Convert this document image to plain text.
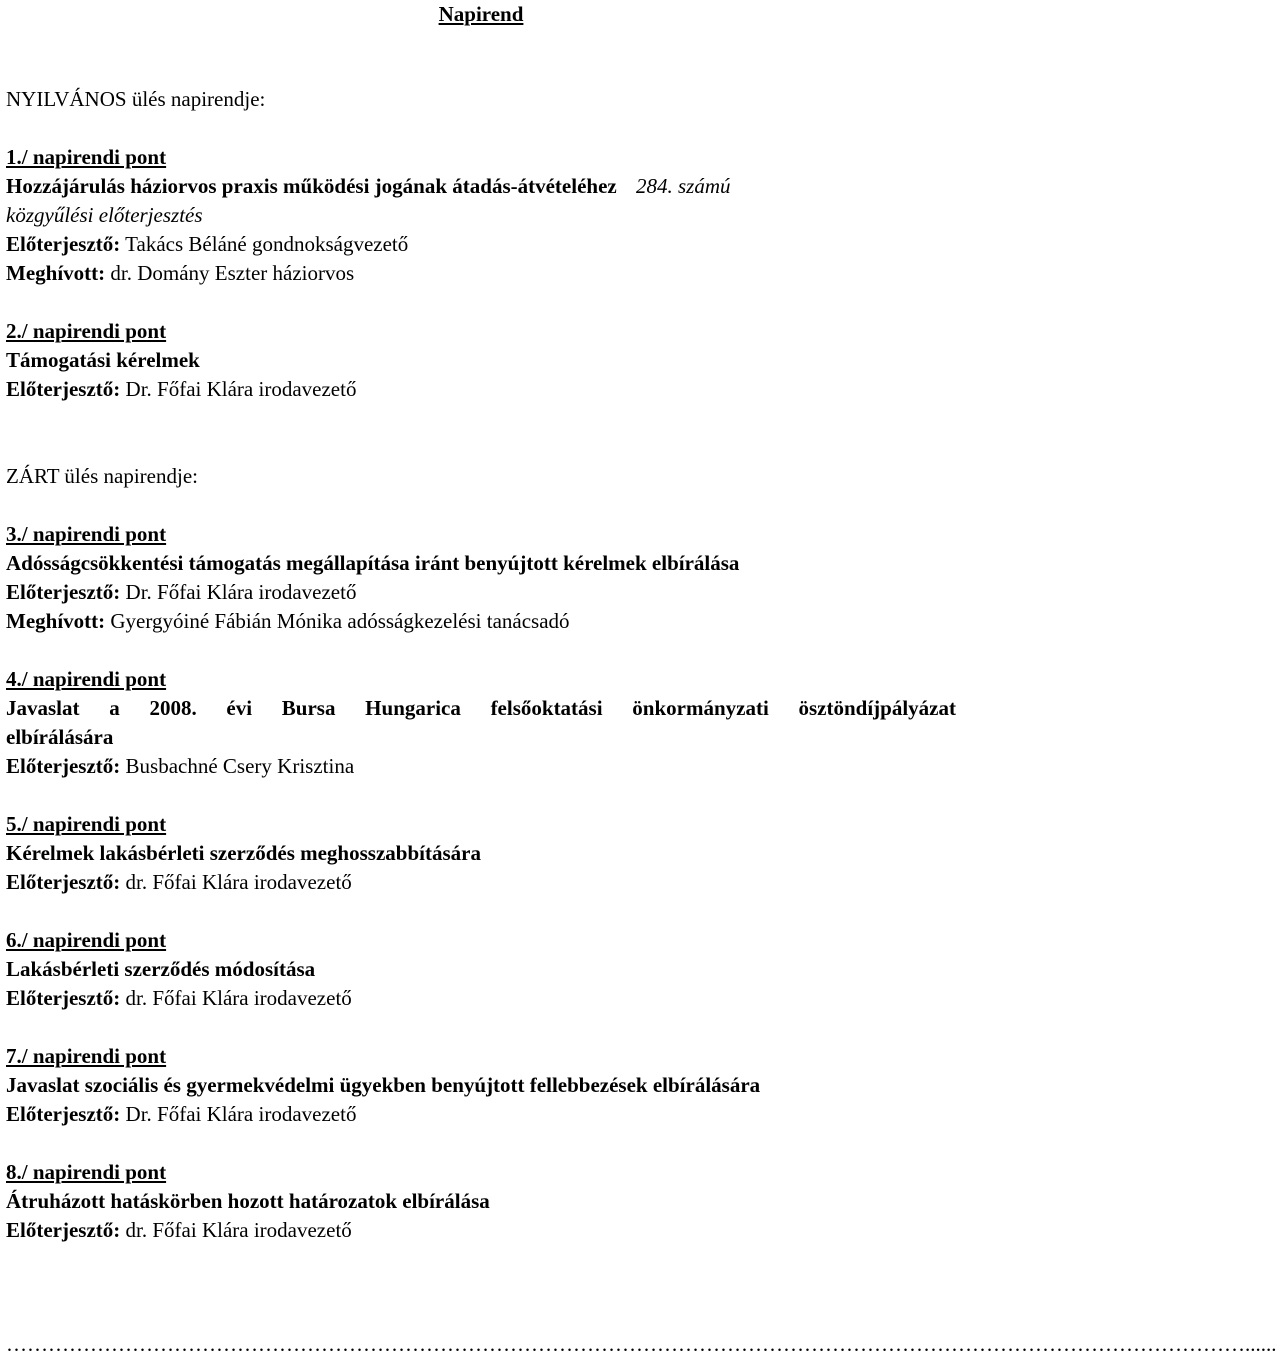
Napirend
NYILVÁNOS ülés napirendje:
1./ napirendi pont
Hozzájárulás háziorvos praxis működési jogának átadás-átvételéhez 284. számú
közgyűlési előterjesztés
Előterjesztő: Takács Béláné gondnokságvezető
Meghívott: dr. Domány Eszter háziorvos
2./ napirendi pont
Támogatási kérelmek
Előterjesztő: Dr. Főfai Klára irodavezető
ZÁRT ülés napirendje:
3./ napirendi pont
Adósságcsökkentési támogatás megállapítása iránt benyújtott kérelmek elbírálása
Előterjesztő: Dr. Főfai Klára irodavezető
Meghívott: Gyergyóiné Fábián Mónika adósságkezelési tanácsadó
4./ napirendi pont
Javaslat a 2008. évi Bursa Hungarica felsőoktatási önkormányzati ösztöndíjpályázat
elbírálására
Előterjesztő: Busbachné Csery Krisztina
5./ napirendi pont
Kérelmek lakásbérleti szerződés meghosszabbítására
Előterjesztő: dr. Főfai Klára irodavezető
6./ napirendi pont
Lakásbérleti szerződés módosítása
Előterjesztő: dr. Főfai Klára irodavezető
7./ napirendi pont
Javaslat szociális és gyermekvédelmi ügyekben benyújtott fellebbezések elbírálására
Előterjesztő: Dr. Főfai Klára irodavezető
8./ napirendi pont
Átruházott hatáskörben hozott határozatok elbírálása
Előterjesztő: dr. Főfai Klára irodavezető
……………………………………………………………………………………………………………………………………………………………......
